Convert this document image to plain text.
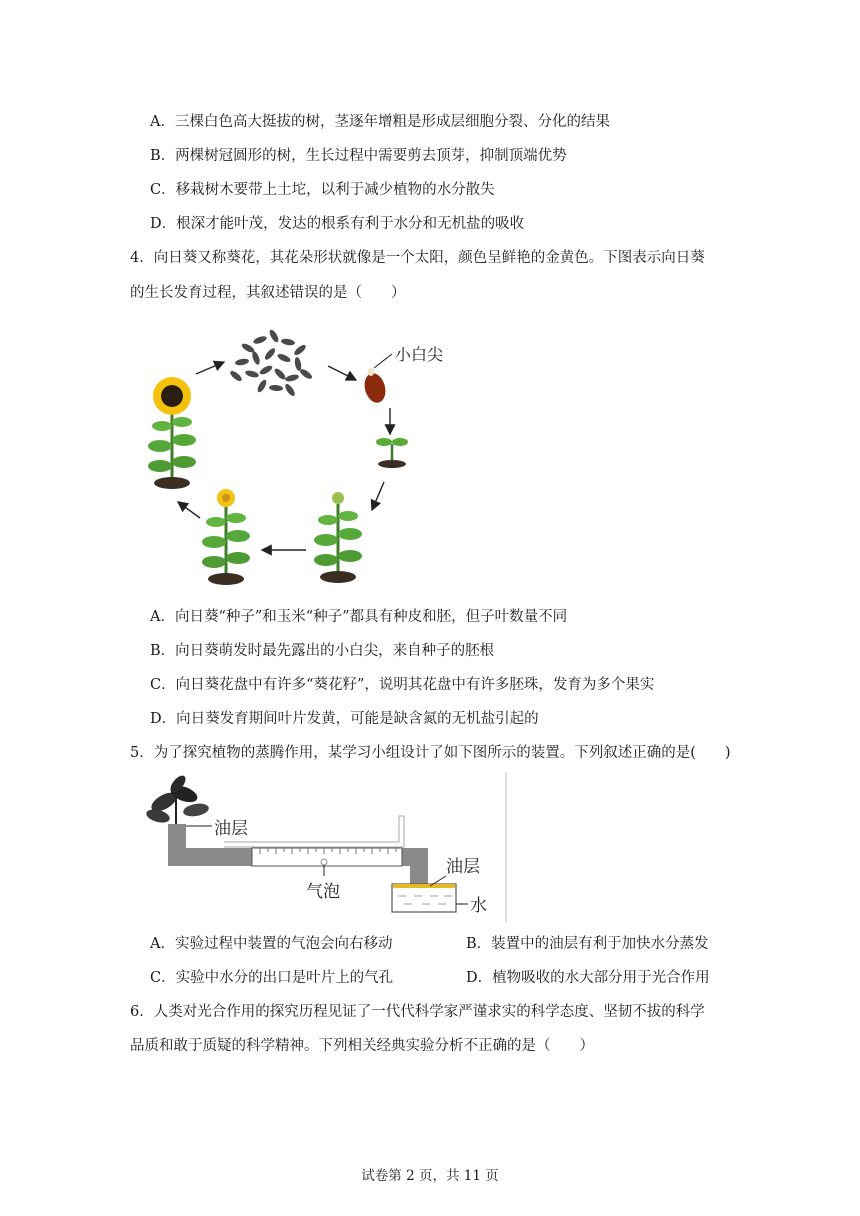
A．三棵白色高大挺拔的树，茎逐年增粗是形成层细胞分裂、分化的结果
B．两棵树冠圆形的树，生长过程中需要剪去顶芽，抑制顶端优势
C．移栽树木要带上土坨，以利于减少植物的水分散失
D．根深才能叶茂，发达的根系有利于水分和无机盐的吸收
4．向日葵又称葵花，其花朵形状就像是一个太阳，颜色呈鲜艳的金黄色。下图表示向日葵
的生长发育过程，其叙述错误的是（　　）
小白尖
A．向日葵“种子”和玉米“种子”都具有种皮和胚，但子叶数量不同
B．向日葵萌发时最先露出的小白尖，来自种子的胚根
C．向日葵花盘中有许多“葵花籽”，说明其花盘中有许多胚珠，发育为多个果实
D．向日葵发育期间叶片发黄，可能是缺含氮的无机盐引起的
5．为了探究植物的蒸腾作用，某学习小组设计了如下图所示的装置。下列叙述正确的是(　　)
油层
气泡
油层
水
A．实验过程中装置的气泡会向右移动	B．装置中的油层有利于加快水分蒸发
C．实验中水分的出口是叶片上的气孔	D．植物吸收的水大部分用于光合作用
6．人类对光合作用的探究历程见证了一代代科学家严谨求实的科学态度、坚韧不拔的科学
品质和敢于质疑的科学精神。下列相关经典实验分析不正确的是（　　）
试卷第 2 页，共 11 页
